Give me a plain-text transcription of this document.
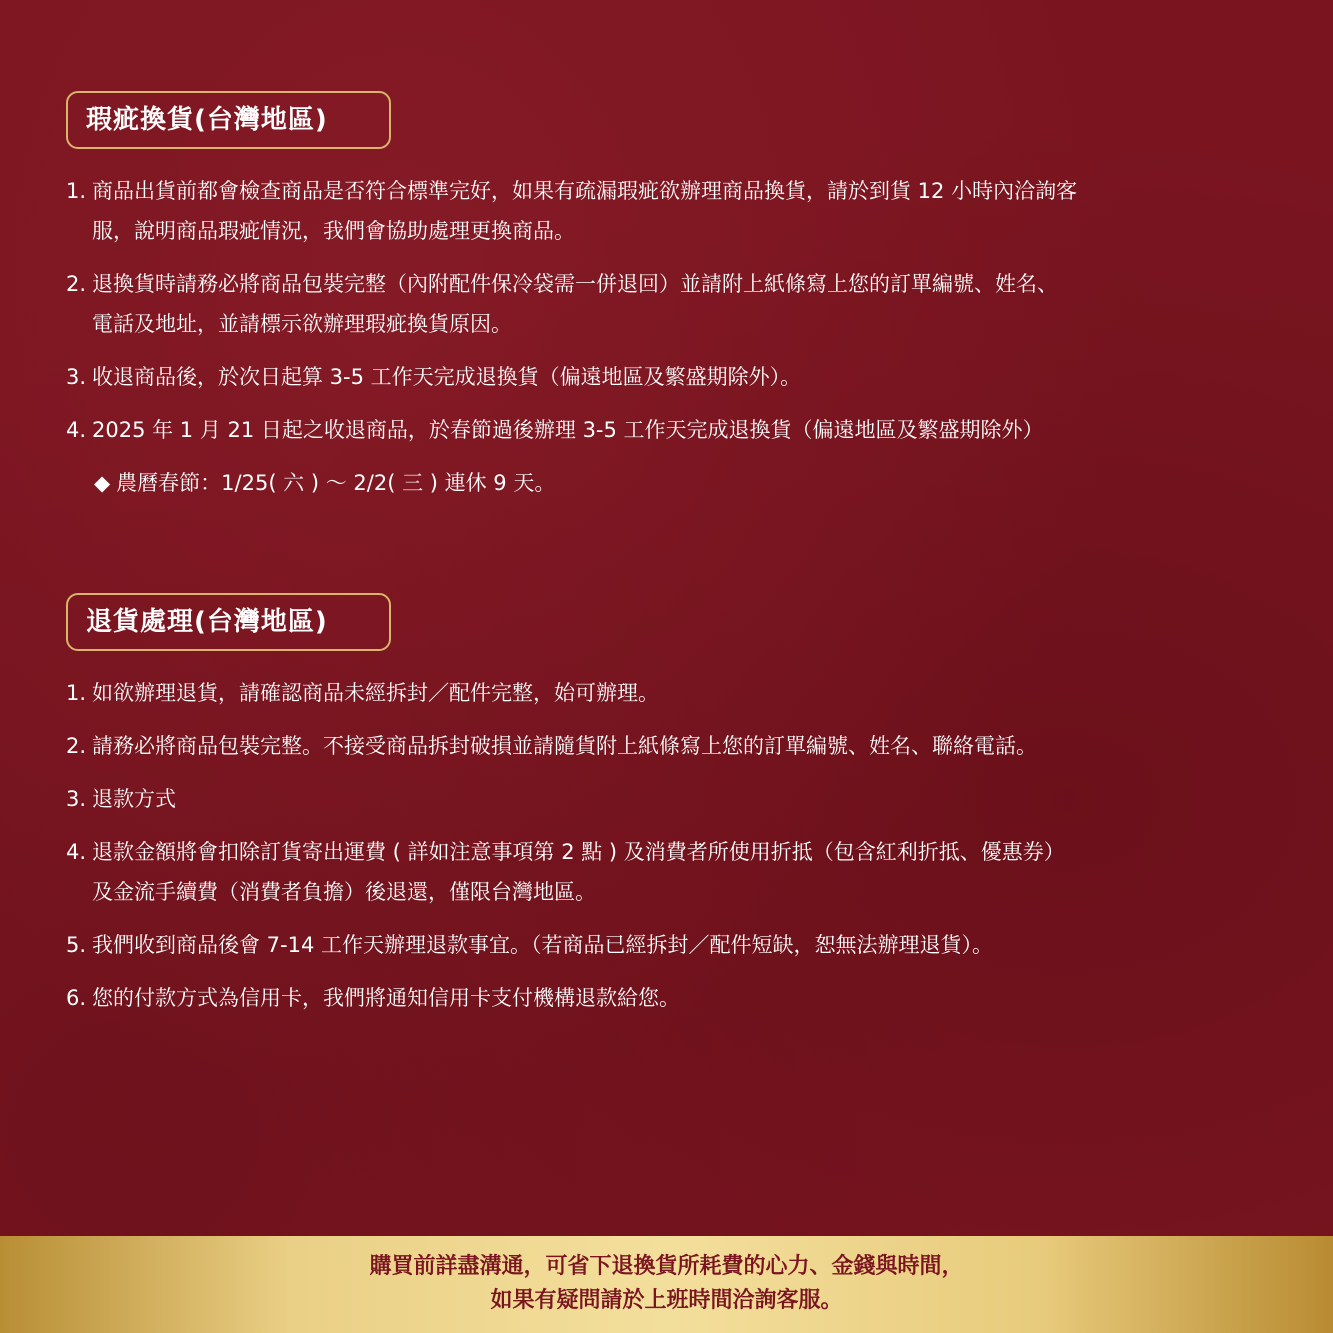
瑕疵換貨(台灣地區)
1. 商品出貨前都會檢查商品是否符合標準完好，如果有疏漏瑕疵欲辦理商品換貨，請於到貨 12 小時內洽詢客
服，說明商品瑕疵情況，我們會協助處理更換商品。
2. 退換貨時請務必將商品包裝完整（內附配件保冷袋需一併退回）並請附上紙條寫上您的訂單編號、姓名、
電話及地址，並請標示欲辦理瑕疵換貨原因。
3. 收退商品後，於次日起算 3-5 工作天完成退換貨（偏遠地區及繁盛期除外）。
4. 2025 年 1 月 21 日起之收退商品，於春節過後辦理 3-5 工作天完成退換貨（偏遠地區及繁盛期除外）
◆ 農曆春節：1/25( 六 ) ～ 2/2( 三 ) 連休 9 天。
退貨處理(台灣地區)
1. 如欲辦理退貨，請確認商品未經拆封／配件完整，始可辦理。
2. 請務必將商品包裝完整。不接受商品拆封破損並請隨貨附上紙條寫上您的訂單編號、姓名、聯絡電話。
3. 退款方式
4. 退款金額將會扣除訂貨寄出運費 ( 詳如注意事項第 2 點 ) 及消費者所使用折抵（包含紅利折抵、優惠券）
及金流手續費（消費者負擔）後退還，僅限台灣地區。
5. 我們收到商品後會 7-14 工作天辦理退款事宜。（若商品已經拆封／配件短缺，恕無法辦理退貨）。
6. 您的付款方式為信用卡，我們將通知信用卡支付機構退款給您。
購買前詳盡溝通，可省下退換貨所耗費的心力、金錢與時間，
如果有疑問請於上班時間洽詢客服。
